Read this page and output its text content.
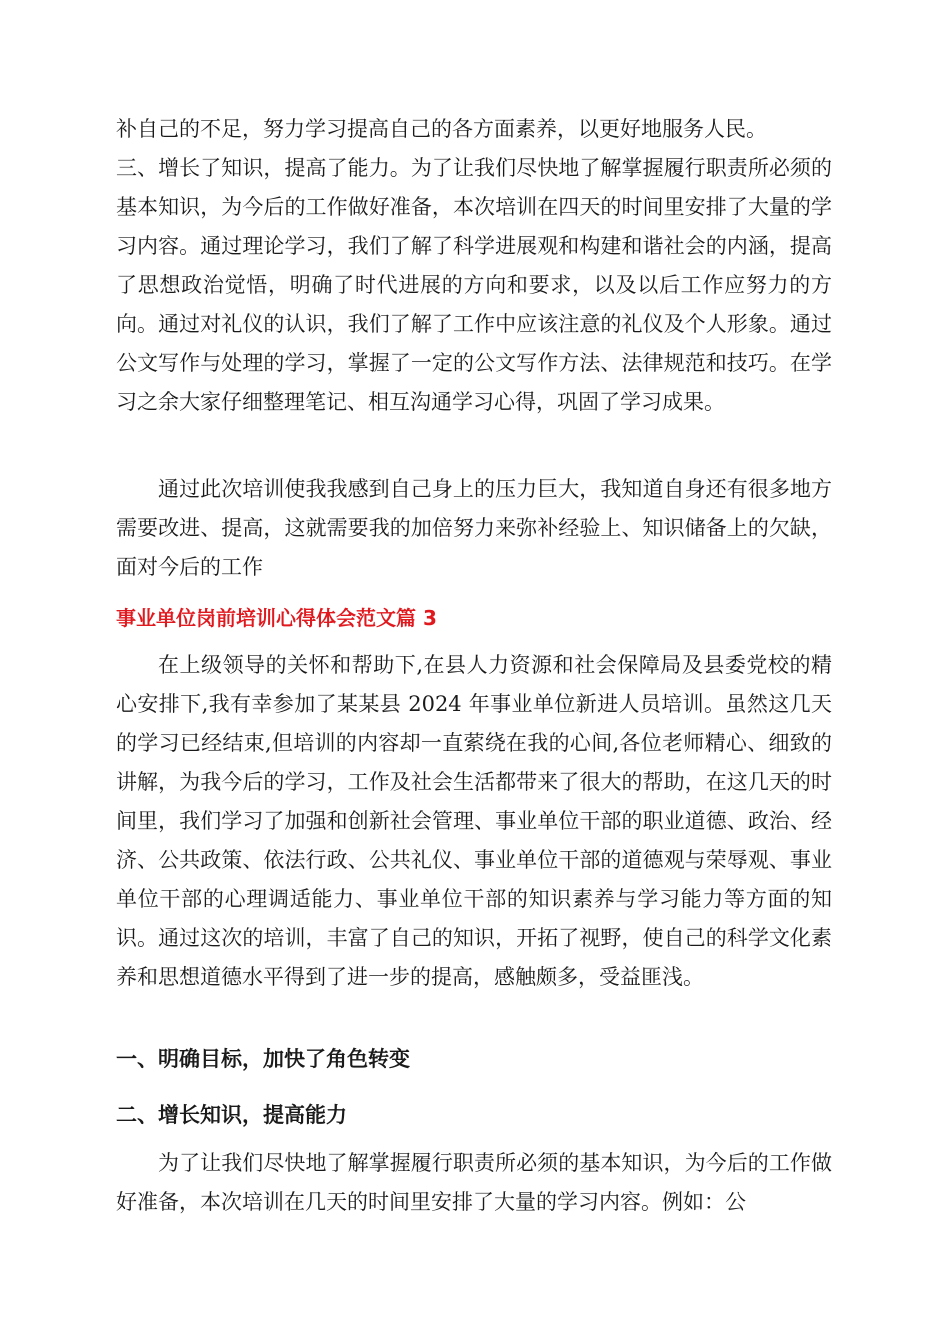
补自己的不足，努力学习提高自己的各方面素养，以更好地服务人民。

三、增长了知识，提高了能力。为了让我们尽快地了解掌握履行职责所必须的基本知识，为今后的工作做好准备，本次培训在四天的时间里安排了大量的学习内容。通过理论学习，我们了解了科学进展观和构建和谐社会的内涵，提高了思想政治觉悟，明确了时代进展的方向和要求，以及以后工作应努力的方向。通过对礼仪的认识，我们了解了工作中应该注意的礼仪及个人形象。通过公文写作与处理的学习，掌握了一定的公文写作方法、法律规范和技巧。在学习之余大家仔细整理笔记、相互沟通学习心得，巩固了学习成果。

通过此次培训使我我感到自己身上的压力巨大，我知道自身还有很多地方需要改进、提高，这就需要我的加倍努力来弥补经验上、知识储备上的欠缺，面对今后的工作

事业单位岗前培训心得体会范文篇 3

在上级领导的关怀和帮助下,在县人力资源和社会保障局及县委党校的精心安排下,我有幸参加了某某县 2024 年事业单位新进人员培训。虽然这几天的学习已经结束,但培训的内容却一直萦绕在我的心间,各位老师精心、细致的讲解，为我今后的学习，工作及社会生活都带来了很大的帮助，在这几天的时间里，我们学习了加强和创新社会管理、事业单位干部的职业道德、政治、经济、公共政策、依法行政、公共礼仪、事业单位干部的道德观与荣辱观、事业单位干部的心理调适能力、事业单位干部的知识素养与学习能力等方面的知识。通过这次的培训，丰富了自己的知识，开拓了视野，使自己的科学文化素养和思想道德水平得到了进一步的提高，感触颇多，受益匪浅。

一、明确目标，加快了角色转变
二、增长知识，提高能力

为了让我们尽快地了解掌握履行职责所必须的基本知识，为今后的工作做好准备，本次培训在几天的时间里安排了大量的学习内容。例如：公
